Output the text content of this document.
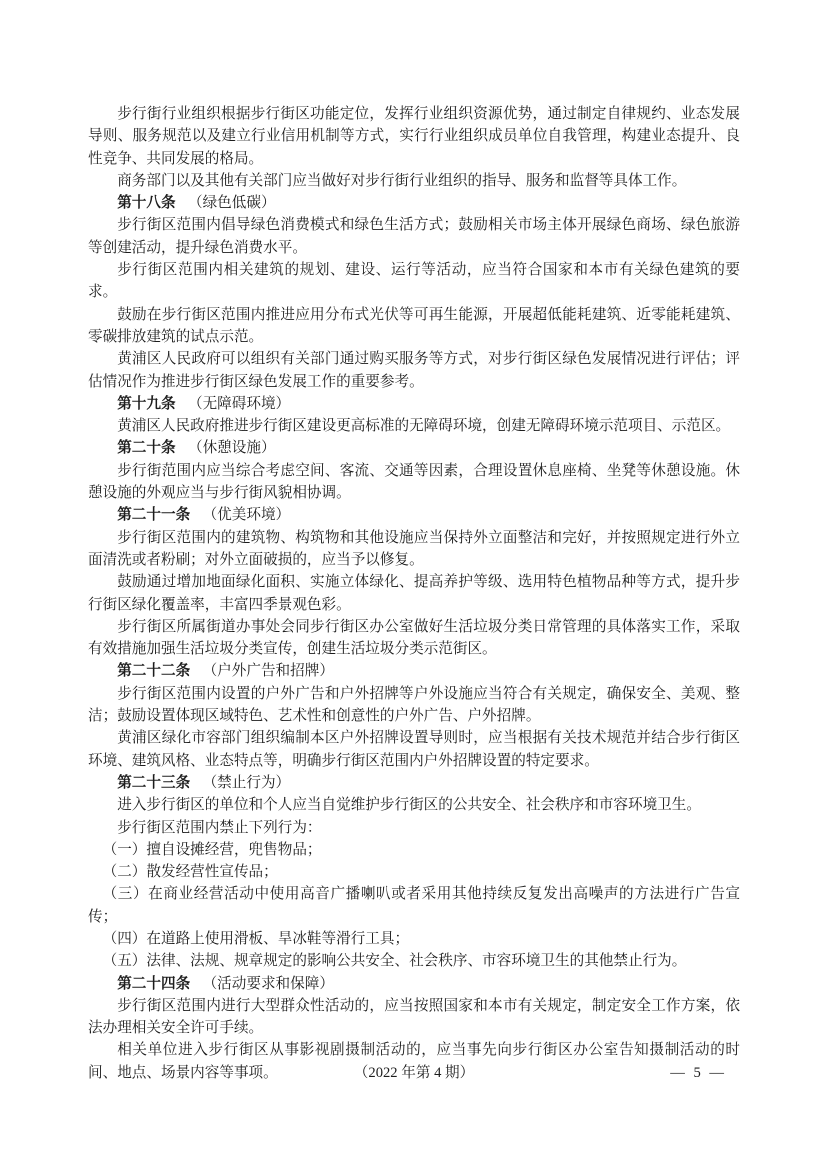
步行街行业组织根据步行街区功能定位，发挥行业组织资源优势，通过制定自律规约、业态发展导则、服务规范以及建立行业信用机制等方式，实行行业组织成员单位自我管理，构建业态提升、良性竞争、共同发展的格局。

商务部门以及其他有关部门应当做好对步行街行业组织的指导、服务和监督等具体工作。

第十八条 （绿色低碳）

步行街区范围内倡导绿色消费模式和绿色生活方式；鼓励相关市场主体开展绿色商场、绿色旅游等创建活动，提升绿色消费水平。

步行街区范围内相关建筑的规划、建设、运行等活动，应当符合国家和本市有关绿色建筑的要求。

鼓励在步行街区范围内推进应用分布式光伏等可再生能源，开展超低能耗建筑、近零能耗建筑、零碳排放建筑的试点示范。

黄浦区人民政府可以组织有关部门通过购买服务等方式，对步行街区绿色发展情况进行评估；评估情况作为推进步行街区绿色发展工作的重要参考。

第十九条 （无障碍环境）

黄浦区人民政府推进步行街区建设更高标准的无障碍环境，创建无障碍环境示范项目、示范区。

第二十条 （休憩设施）

步行街范围内应当综合考虑空间、客流、交通等因素，合理设置休息座椅、坐凳等休憩设施。休憩设施的外观应当与步行街风貌相协调。

第二十一条 （优美环境）

步行街区范围内的建筑物、构筑物和其他设施应当保持外立面整洁和完好，并按照规定进行外立面清洗或者粉刷；对外立面破损的，应当予以修复。

鼓励通过增加地面绿化面积、实施立体绿化、提高养护等级、选用特色植物品种等方式，提升步行街区绿化覆盖率，丰富四季景观色彩。

步行街区所属街道办事处会同步行街区办公室做好生活垃圾分类日常管理的具体落实工作，采取有效措施加强生活垃圾分类宣传，创建生活垃圾分类示范街区。

第二十二条 （户外广告和招牌）

步行街区范围内设置的户外广告和户外招牌等户外设施应当符合有关规定，确保安全、美观、整洁；鼓励设置体现区域特色、艺术性和创意性的户外广告、户外招牌。

黄浦区绿化市容部门组织编制本区户外招牌设置导则时，应当根据有关技术规范并结合步行街区环境、建筑风格、业态特点等，明确步行街区范围内户外招牌设置的特定要求。

第二十三条 （禁止行为）

进入步行街区的单位和个人应当自觉维护步行街区的公共安全、社会秩序和市容环境卫生。

步行街区范围内禁止下列行为：

（一）擅自设摊经营，兜售物品；

（二）散发经营性宣传品；

（三）在商业经营活动中使用高音广播喇叭或者采用其他持续反复发出高噪声的方法进行广告宣传；

（四）在道路上使用滑板、旱冰鞋等滑行工具；

（五）法律、法规、规章规定的影响公共安全、社会秩序、市容环境卫生的其他禁止行为。

第二十四条 （活动要求和保障）

步行街区范围内进行大型群众性活动的，应当按照国家和本市有关规定，制定安全工作方案，依法办理相关安全许可手续。

相关单位进入步行街区从事影视剧摄制活动的，应当事先向步行街区办公室告知摄制活动的时间、地点、场景内容等事项。	（2022 年第 4 期）	— 5 —
